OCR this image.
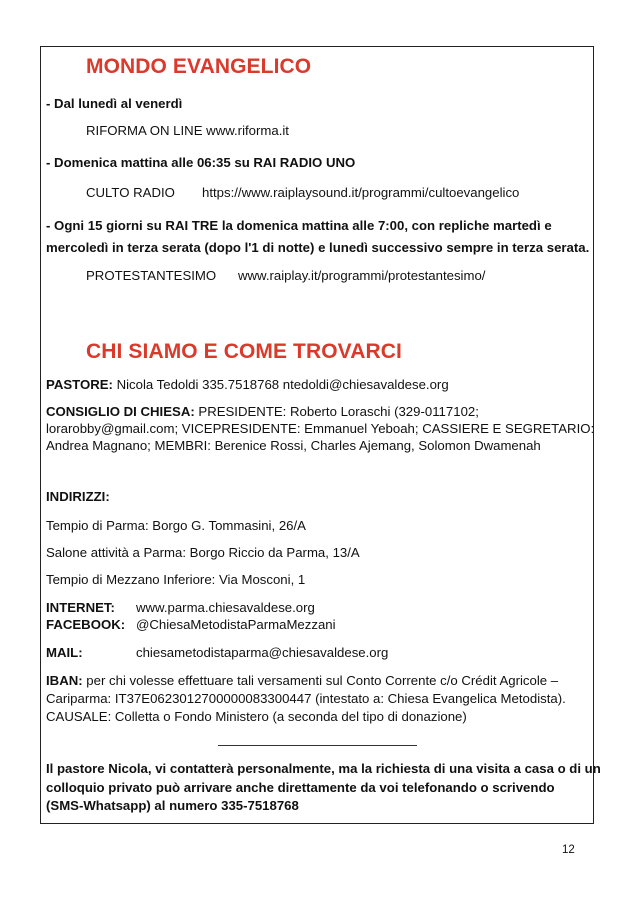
MONDO EVANGELICO
- Dal lunedì al venerdì
RIFORMA ON LINE www.riforma.it
- Domenica mattina alle 06:35 su RAI RADIO UNO
CULTO RADIO https://www.raiplaysound.it/programmi/cultoevangelico
- Ogni 15 giorni su RAI TRE la domenica mattina alle 7:00, con repliche martedì e
mercoledì in terza serata (dopo l'1 di notte) e lunedì successivo sempre in terza serata.
PROTESTANTESIMO www.raiplay.it/programmi/protestantesimo/
CHI SIAMO E COME TROVARCI
PASTORE: Nicola Tedoldi 335.7518768 ntedoldi@chiesavaldese.org
CONSIGLIO DI CHIESA: PRESIDENTE: Roberto Loraschi (329-0117102;
lorarobby@gmail.com; VICEPRESIDENTE: Emmanuel Yeboah; CASSIERE E SEGRETARIO:
Andrea Magnano; MEMBRI: Berenice Rossi, Charles Ajemang, Solomon Dwamenah
INDIRIZZI:
Tempio di Parma: Borgo G. Tommasini, 26/A
Salone attività a Parma: Borgo Riccio da Parma, 13/A
Tempio di Mezzano Inferiore: Via Mosconi, 1
INTERNET: www.parma.chiesavaldese.org
FACEBOOK: @ChiesaMetodistaParmaMezzani
MAIL:	chiesametodistaparma@chiesavaldese.org
IBAN: per chi volesse effettuare tali versamenti sul Conto Corrente c/o Crédit Agricole –
Cariparma: IT37E0623012700000083300447 (intestato a: Chiesa Evangelica Metodista).
CAUSALE: Colletta o Fondo Ministero (a seconda del tipo di donazione)
Il pastore Nicola, vi contatterà personalmente, ma la richiesta di una visita a casa o di un
colloquio privato può arrivare anche direttamente da voi telefonando o scrivendo
(SMS-Whatsapp) al numero 335-7518768
12
